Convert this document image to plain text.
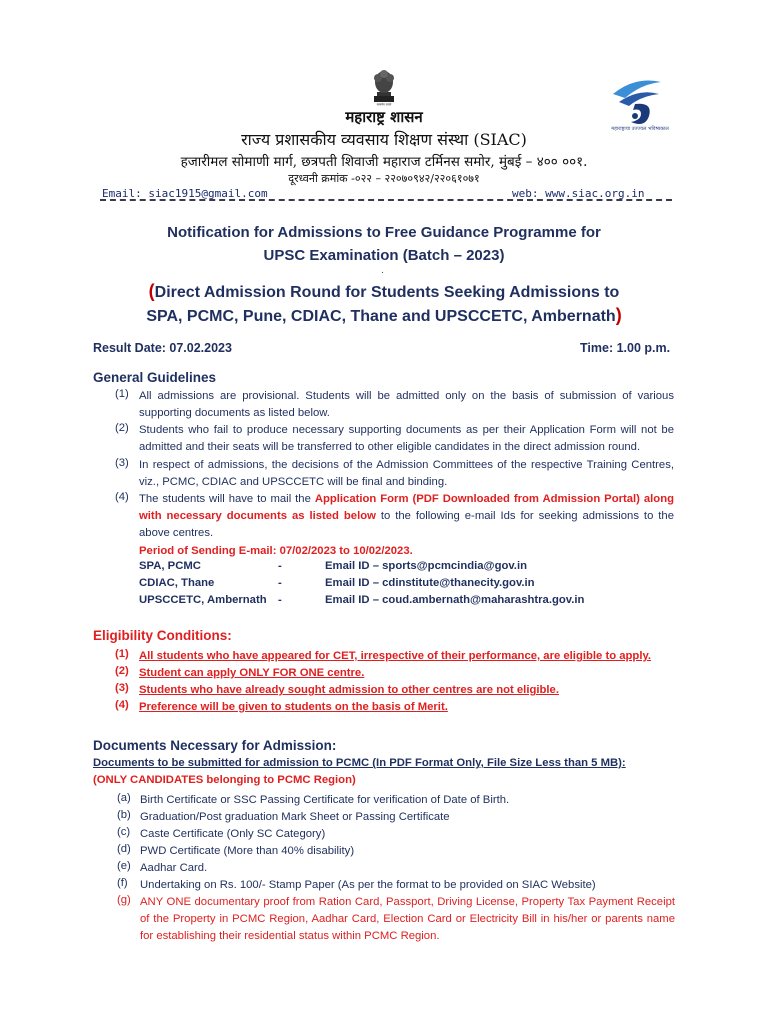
सत्यमेव जयते
महाराष्ट्राचा उज्ज्वल भविष्यकाल
महाराष्ट्र शासन
राज्य प्रशासकीय व्यवसाय शिक्षण संस्था (SIAC)
हजारीमल सोमाणी मार्ग, छत्रपती शिवाजी महाराज टर्मिनस समोर, मुंबई – ४०० ००१.
दूरध्वनी क्रमांक -०२२ – २२०७०९४२/२२०६१०७१
Email: siac1915@gmail.com	web: www.siac.org.in
Notification for Admissions to Free Guidance Programme for
UPSC Examination (Batch – 2023)
.
(Direct Admission Round for Students Seeking Admissions to
SPA, PCMC, Pune, CDIAC, Thane and UPSCCETC, Ambernath)
Result Date: 07.02.2023	Time: 1.00 p.m.
General Guidelines
(1) All admissions are provisional. Students will be admitted only on the basis of submission of various supporting documents as listed below.
(2) Students who fail to produce necessary supporting documents as per their Application Form will not be admitted and their seats will be transferred to other eligible candidates in the direct admission round.
(3) In respect of admissions, the decisions of the Admission Committees of the respective Training Centres, viz., PCMC, CDIAC and UPSCCETC will be final and binding.
(4) The students will have to mail the Application Form (PDF Downloaded from Admission Portal) along with necessary documents as listed below to the following e-mail Ids for seeking admissions to the above centres.
Period of Sending E-mail: 07/02/2023 to 10/02/2023.
SPA, PCMC	-	Email ID – sports@pcmcindia@gov.in
CDIAC, Thane	-	Email ID – cdinstitute@thanecity.gov.in
UPSCCETC, Ambernath -	Email ID – coud.ambernath@maharashtra.gov.in
Eligibility Conditions:
(1) All students who have appeared for CET, irrespective of their performance, are eligible to apply.
(2) Student can apply ONLY FOR ONE centre.
(3) Students who have already sought admission to other centres are not eligible.
(4) Preference will be given to students on the basis of Merit.
Documents Necessary for Admission:
Documents to be submitted for admission to PCMC (In PDF Format Only, File Size Less than 5 MB):
(ONLY CANDIDATES belonging to PCMC Region)
(a) Birth Certificate or SSC Passing Certificate for verification of Date of Birth.
(b) Graduation/Post graduation Mark Sheet or Passing Certificate
(c) Caste Certificate (Only SC Category)
(d) PWD Certificate (More than 40% disability)
(e) Aadhar Card.
(f) Undertaking on Rs. 100/- Stamp Paper (As per the format to be provided on SIAC Website)
(g) ANY ONE documentary proof from Ration Card, Passport, Driving License, Property Tax Payment Receipt of the Property in PCMC Region, Aadhar Card, Election Card or Electricity Bill in his/her or parents name for establishing their residential status within PCMC Region.
